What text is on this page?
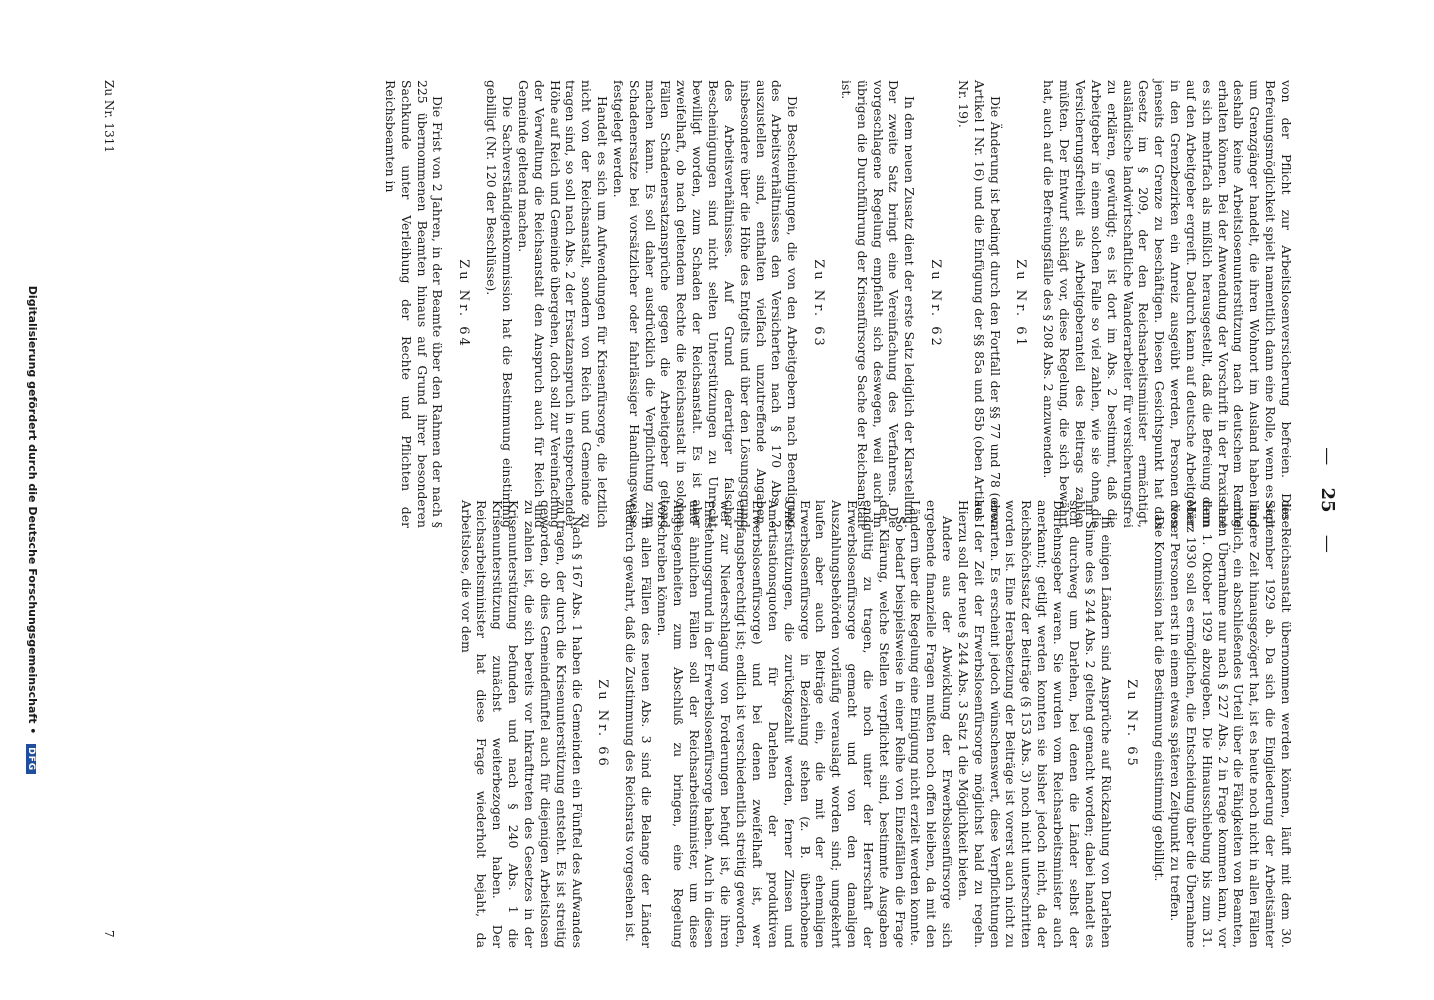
— 25 —

von der Pflicht zur Arbeitslosenversicherung befreien. Diese Befreiungsmöglichkeit spielt namentlich dann eine Rolle, wenn es sich um Grenzgänger handelt, die ihren Wohnort im Ausland haben und deshalb keine Arbeitslosenunterstützung nach deutschem Rechte erhalten können. Bei der Anwendung der Vorschrift in der Praxis hat es sich mehrfach als mißlich herausgestellt, daß die Befreiung dann auf den Arbeitgeber ergreift. Dadurch kann auf deutsche Arbeitgeber in den Grenzbezirken ein Anreiz ausgeübt werden, Personen von jenseits der Grenze zu beschäftigen. Diesen Gesichtspunkt hat das Gesetz im § 209, der den Reichsarbeitsminister ermächtigt, ausländische landwirtschaftliche Wanderarbeiter für versicherungsfrei zu erklären, gewürdigt; es ist dort im Abs. 2 bestimmt, daß die Arbeitgeber in einem solchen Falle so viel zahlen, wie sie ohne die Versicherungsfreiheit als Arbeitgeberanteil des Beitrags zahlen müßten. Der Entwurf schlägt vor, diese Regelung, die sich bewährt hat, auch auf die Befreiungsfälle des § 208 Abs. 2 anzuwenden.

Zu Nr. 61

Die Änderung ist bedingt durch den Fortfall der §§ 77 und 78 (oben Artikel I Nr. 16) und die Einfügung der §§ 85a und 85b (oben Artikel I Nr. 19).

Zu Nr. 62

In dem neuen Zusatz dient der erste Satz lediglich der Klarstellung. Der zweite Satz bringt eine Vereinfachung des Verfahrens. Die vorgeschlagene Regelung empfiehlt sich deswegen, weil auch im übrigen die Durchführung der Krisenfürsorge Sache der Reichsanstalt ist.

Zu Nr. 63

Die Bescheinigungen, die von den Arbeitgebern nach Beendigung des Arbeitsverhältnisses den Versicherten nach § 170 Abs. 2 auszustellen sind, enthalten vielfach unzutreffende Angaben, insbesondere über die Höhe des Entgelts und über den Lösungsgrund des Arbeitsverhältnisses. Auf Grund derartiger falscher Bescheinigungen sind nicht selten Unterstützungen zu Unrecht bewilligt worden, zum Schaden der Reichsanstalt. Es ist aber zweifelhaft, ob nach geltendem Rechte die Reichsanstalt in solchen Fällen Schadenersatzansprüche gegen die Arbeitgeber geltend machen kann. Es soll daher ausdrücklich die Verpflichtung zum Schadenersatze bei vorsätzlicher oder fahrlässiger Handlungsweise festgelegt werden.

Handelt es sich um Aufwendungen für Krisenfürsorge, die letztlich nicht von der Reichsanstalt, sondern von Reich und Gemeinde zu tragen sind, so soll nach Abs. 2 der Ersatzanspruch in entsprechender Höhe auf Reich und Gemeinde übergehen, doch soll zur Vereinfachung der Verwaltung die Reichsanstalt den Anspruch auch für Reich und Gemeinde geltend machen.

Die Sachverständigenkommission hat die Bestimmung einstimmig gebilligt (Nr. 120 der Beschlüsse).

Zu Nr. 64

Die Frist von 2 Jahren, in der Beamte über den Rahmen der nach § 225 übernommenen Beamten hinaus auf Grund ihrer besonderen Sachkunde unter Verleihung der Rechte und Pflichten der Reichsbeamten in

die Reichsanstalt übernommen werden können, läuft mit dem 30. September 1929 ab. Da sich die Eingliederung der Arbeitsämter längere Zeit hinausgezögert hat, ist es heute noch nicht in allen Fällen möglich, ein abschließendes Urteil über die Fähigkeiten von Beamten, deren Übernahme nur nach § 227 Abs. 2 in Frage kommen kann, vor dem 1. Oktober 1929 abzugeben. Die Hinausschiebung bis zum 31. März 1930 soll es ermöglichen, die Entscheidung über die Übernahme dieser Personen erst in einem etwas späteren Zeitpunkt zu treffen.

Die Kommission hat die Bestimmung einstimmig gebilligt.

Zu Nr. 65

In einigen Ländern sind Ansprüche auf Rückzahlung von Darlehen im Sinne des § 244 Abs. 2 geltend gemacht worden; dabei handelt es sich durchweg um Darlehen, bei denen die Länder selbst der Darlehnsgeber waren. Sie wurden vom Reichsarbeitsminister auch anerkannt; getilgt werden konnten sie bisher jedoch nicht, da der Reichshöchstsatz der Beiträge (§ 153 Abs. 3) noch nicht unterschritten worden ist. Eine Herabsetzung der Beiträge ist vorerst auch nicht zu erwarten. Es erscheint jedoch wünschenswert, diese Verpflichtungen aus der Zeit der Erwerbslosenfürsorge möglichst bald zu regeln. Hierzu soll der neue § 244 Abs. 3 Satz 1 die Möglichkeit bieten.

Andere aus der Abwicklung der Erwerbslosenfürsorge sich ergebende finanzielle Fragen mußten noch offen bleiben, da mit den Ländern über die Regelung eine Einigung nicht erzielt werden konnte.

So bedarf beispielsweise in einer Reihe von Einzelfällen die Frage der Klärung, welche Stellen verpflichtet sind, bestimmte Ausgaben endgültig zu tragen, die noch unter der Herrschaft der Erwerbslosenfürsorge gemacht und von den damaligen Auszahlungsbehörden vorläufig verauslagt worden sind; umgekehrt laufen aber auch Beiträge ein, die mit der ehemaligen Erwerbslosenfürsorge in Beziehung stehen (z. B. überhobene Unterstützungen, die zurückgezahlt werden, ferner Zinsen und Amortisationsquoten für Darlehen der produktiven Erwerbslosenfürsorge) und bei denen zweifelhaft ist, wer empfangsberechtigt ist; endlich ist verschiedentlich streitig geworden, wer zur Niederschlagung von Forderungen befugt ist, die ihren Entstehungsgrund in der Erwerbslosenfürsorge haben. Auch in diesen und ähnlichen Fällen soll der Reichsarbeitsminister, um diese Angelegenheiten zum Abschluß zu bringen, eine Regelung vorschreiben können.

In allen Fällen des neuen Abs. 3 sind die Belange der Länder dadurch gewahrt, daß die Zustimmung des Reichsrats vorgesehen ist.

Zu Nr. 66

Nach § 167 Abs. 1 haben die Gemeinden ein Fünftel des Aufwandes zu tragen, der durch die Krisenunterstützung entsteht. Es ist streitig geworden, ob dies Gemeindefünftel auch für diejenigen Arbeitslosen zu zahlen ist, die sich bereits vor Inkrafttreten des Gesetzes in der Krisenunterstützung befunden und nach § 240 Abs. 1 die Krisenunterstützung zunächst weiterbezogen haben. Der Reichsarbeitsminister hat diese Frage wiederholt bejaht, da Arbeitslose, die vor dem

Zu Nr. 1311
7
Digitalisierung gefördert durch die Deutsche Forschungsgemeinschaft • DFG
